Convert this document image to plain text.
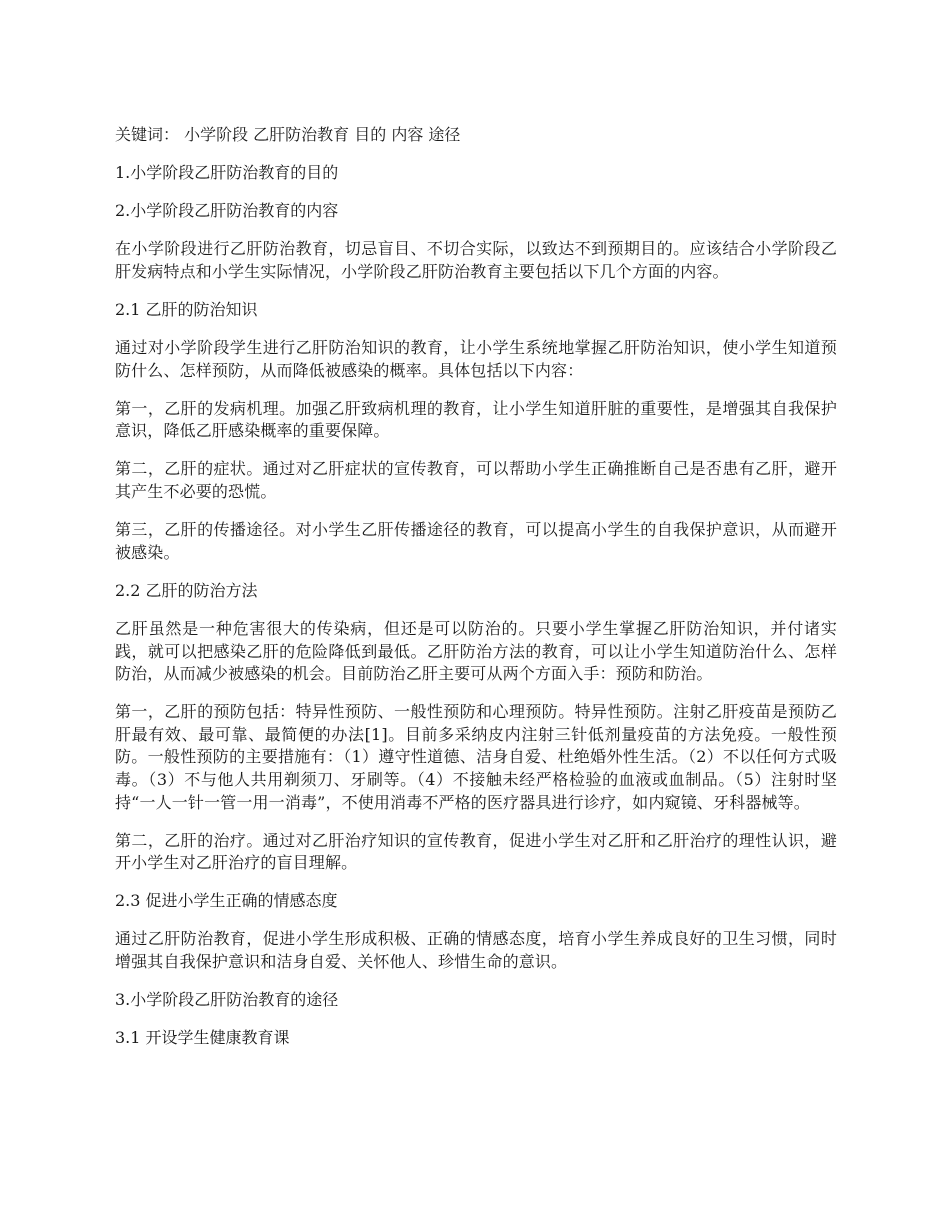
关键词： 小学阶段 乙肝防治教育 目的 内容 途径

1.小学阶段乙肝防治教育的目的

2.小学阶段乙肝防治教育的内容

在小学阶段进行乙肝防治教育，切忌盲目、不切合实际，以致达不到预期目的。应该结合小学阶段乙肝发病特点和小学生实际情况，小学阶段乙肝防治教育主要包括以下几个方面的内容。

2.1 乙肝的防治知识

通过对小学阶段学生进行乙肝防治知识的教育，让小学生系统地掌握乙肝防治知识，使小学生知道预防什么、怎样预防，从而降低被感染的概率。具体包括以下内容：

第一，乙肝的发病机理。加强乙肝致病机理的教育，让小学生知道肝脏的重要性，是增强其自我保护意识，降低乙肝感染概率的重要保障。

第二，乙肝的症状。通过对乙肝症状的宣传教育，可以帮助小学生正确推断自己是否患有乙肝，避开其产生不必要的恐慌。

第三，乙肝的传播途径。对小学生乙肝传播途径的教育，可以提高小学生的自我保护意识，从而避开被感染。

2.2 乙肝的防治方法

乙肝虽然是一种危害很大的传染病，但还是可以防治的。只要小学生掌握乙肝防治知识，并付诸实践，就可以把感染乙肝的危险降低到最低。乙肝防治方法的教育，可以让小学生知道防治什么、怎样防治，从而减少被感染的机会。目前防治乙肝主要可从两个方面入手：预防和防治。

第一，乙肝的预防包括：特异性预防、一般性预防和心理预防。特异性预防。注射乙肝疫苗是预防乙肝最有效、最可靠、最简便的办法[1]。目前多采纳皮内注射三针低剂量疫苗的方法免疫。一般性预防。一般性预防的主要措施有：（1）遵守性道德、洁身自爱、杜绝婚外性生活。（2）不以任何方式吸毒。（3）不与他人共用剃须刀、牙刷等。（4）不接触未经严格检验的血液或血制品。（5）注射时坚持“一人一针一管一用一消毒”，不使用消毒不严格的医疗器具进行诊疗，如内窥镜、牙科器械等。

第二，乙肝的治疗。通过对乙肝治疗知识的宣传教育，促进小学生对乙肝和乙肝治疗的理性认识，避开小学生对乙肝治疗的盲目理解。

2.3 促进小学生正确的情感态度

通过乙肝防治教育，促进小学生形成积极、正确的情感态度，培育小学生养成良好的卫生习惯，同时增强其自我保护意识和洁身自爱、关怀他人、珍惜生命的意识。

3.小学阶段乙肝防治教育的途径

3.1 开设学生健康教育课
